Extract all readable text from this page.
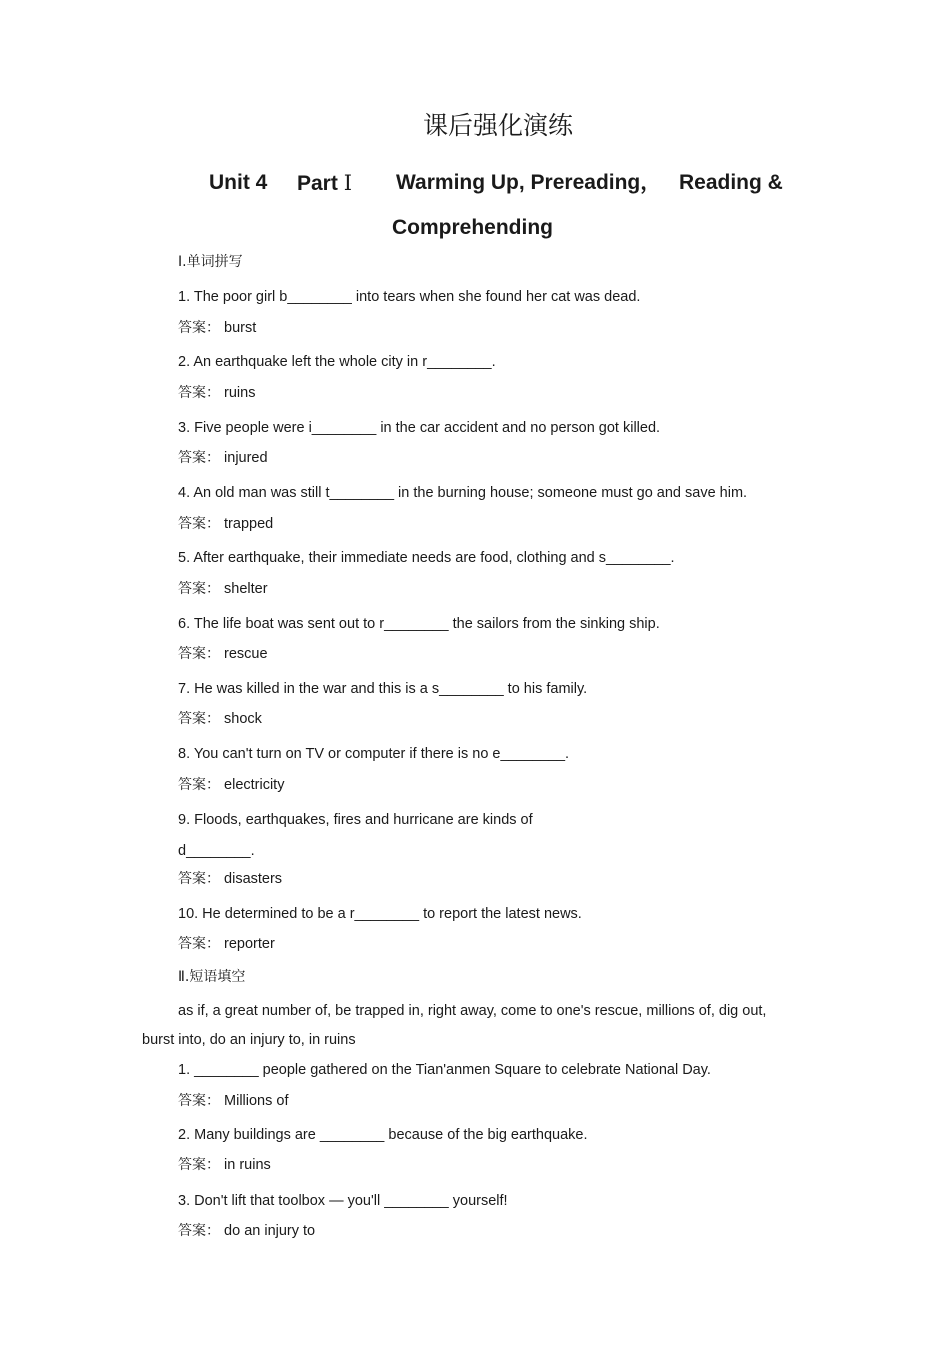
课后强化演练
Unit 4 Part Ⅰ Warming Up, Prereading， Reading &
Comprehending
Ⅰ.单词拼写
1. The poor girl b________ into tears when she found her cat was dead.
答案： burst
2. An earthquake left the whole city in r________.
答案： ruins
3. Five people were i________ in the car accident and no person got killed.
答案： injured
4. An old man was still t________ in the burning house; someone must go and save him.
答案： trapped
5. After earthquake, their immediate needs are food, clothing and s________.
答案： shelter
6. The life boat was sent out to r________ the sailors from the sinking ship.
答案： rescue
7. He was killed in the war and this is a s________ to his family.
答案： shock
8. You can't turn on TV or computer if there is no e________.
答案： electricity
9. Floods, earthquakes, fires and hurricane are kinds of
d________.
答案： disasters
10. He determined to be a r________ to report the latest news.
答案： reporter
Ⅱ.短语填空
as if, a great number of, be trapped in, right away, come to one's rescue, millions of, dig out,
burst into, do an injury to, in ruins
1. ________ people gathered on the Tian'anmen Square to celebrate National Day.
答案： Millions of
2. Many buildings are ________ because of the big earthquake.
答案： in ruins
3. Don't lift that toolbox — you'll ________ yourself!
答案： do an injury to
